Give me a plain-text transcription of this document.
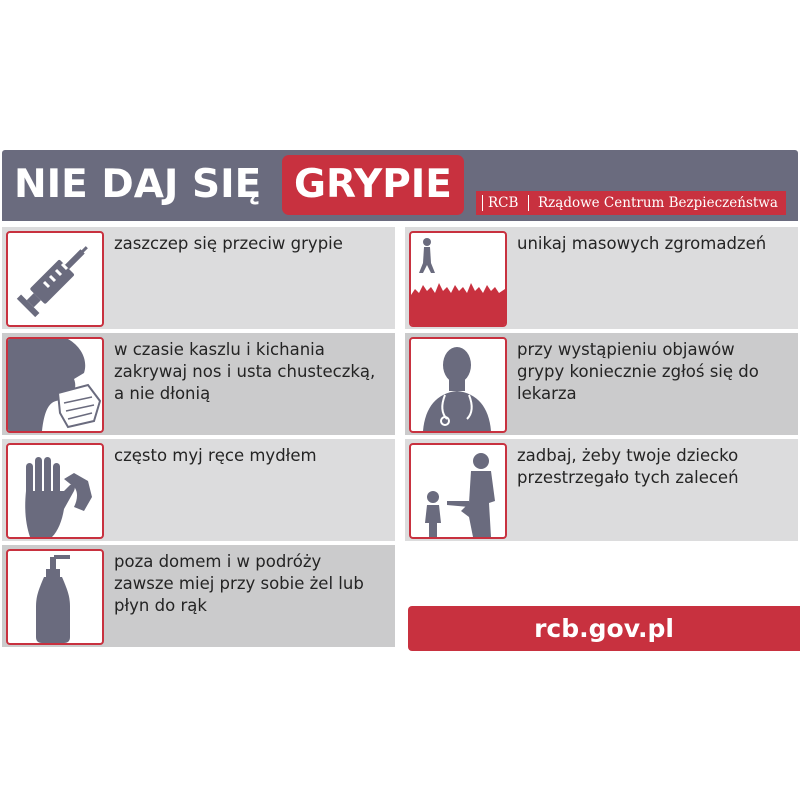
NIE DAJ SIĘ GRYPIE	RCB Rządowe Centrum Bezpieczeństwa
zaszczep się przeciw grypie
w czasie kaszlu i kichania zakrywaj nos i usta chusteczką, a nie dłonią
często myj ręce mydłem
poza domem i w podróży zawsze miej przy sobie żel lub płyn do rąk
unikaj masowych zgromadzeń
przy wystąpieniu objawów grypy koniecznie zgłoś się do lekarza
zadbaj, żeby twoje dziecko przestrzegało tych zaleceń
rcb.gov.pl
